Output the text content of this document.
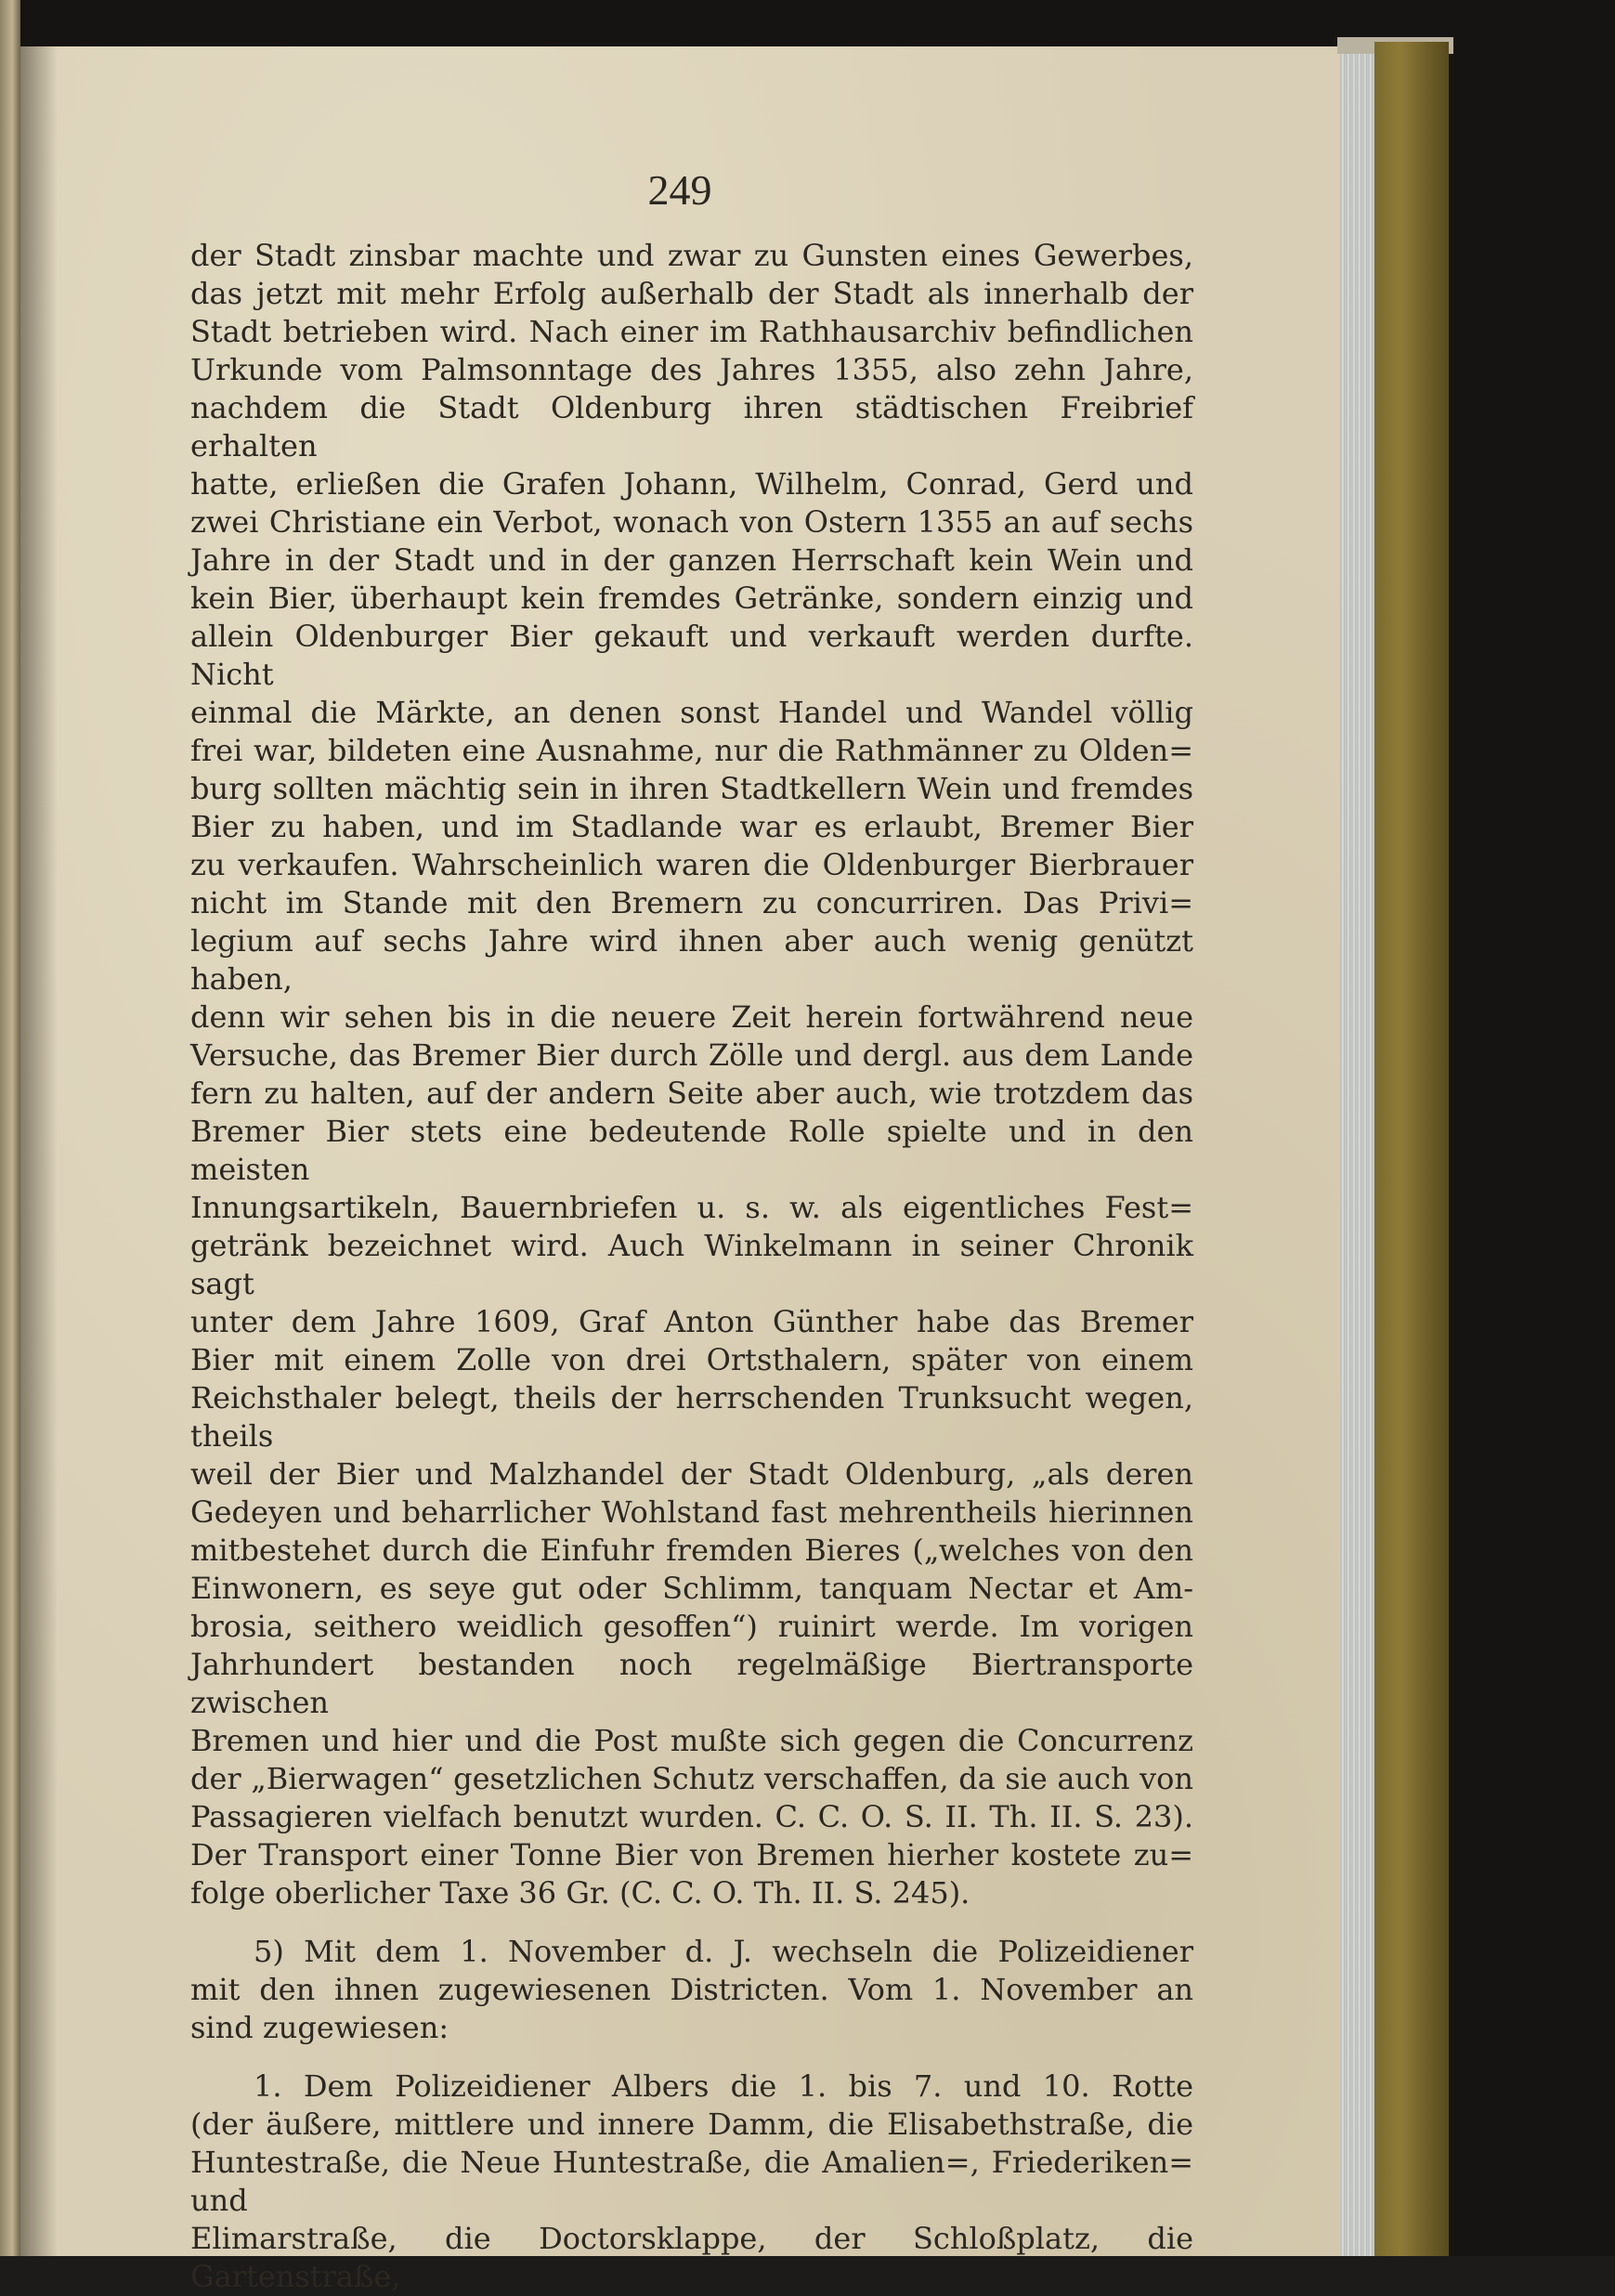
249

der Stadt zinsbar machte und zwar zu Gunsten eines Gewerbes,

das jetzt mit mehr Erfolg außerhalb der Stadt als innerhalb der

Stadt betrieben wird. Nach einer im Rathhausarchiv befindlichen

Urkunde vom Palmsonntage des Jahres 1355, also zehn Jahre,

nachdem die Stadt Oldenburg ihren städtischen Freibrief erhalten

hatte, erließen die Grafen Johann, Wilhelm, Conrad, Gerd und

zwei Christiane ein Verbot, wonach von Ostern 1355 an auf sechs

Jahre in der Stadt und in der ganzen Herrschaft kein Wein und

kein Bier, überhaupt kein fremdes Getränke, sondern einzig und

allein Oldenburger Bier gekauft und verkauft werden durfte. Nicht

einmal die Märkte, an denen sonst Handel und Wandel völlig

frei war, bildeten eine Ausnahme, nur die Rathmänner zu Olden=

burg sollten mächtig sein in ihren Stadtkellern Wein und fremdes

Bier zu haben, und im Stadlande war es erlaubt, Bremer Bier

zu verkaufen. Wahrscheinlich waren die Oldenburger Bierbrauer

nicht im Stande mit den Bremern zu concurriren. Das Privi=

legium auf sechs Jahre wird ihnen aber auch wenig genützt haben,

denn wir sehen bis in die neuere Zeit herein fortwährend neue

Versuche, das Bremer Bier durch Zölle und dergl. aus dem Lande

fern zu halten, auf der andern Seite aber auch, wie trotzdem das

Bremer Bier stets eine bedeutende Rolle spielte und in den meisten

Innungsartikeln, Bauernbriefen u. s. w. als eigentliches Fest=

getränk bezeichnet wird. Auch Winkelmann in seiner Chronik sagt

unter dem Jahre 1609, Graf Anton Günther habe das Bremer

Bier mit einem Zolle von drei Ortsthalern, später von einem

Reichsthaler belegt, theils der herrschenden Trunksucht wegen, theils

weil der Bier und Malzhandel der Stadt Oldenburg, „als deren

Gedeyen und beharrlicher Wohlstand fast mehrentheils hierinnen

mitbestehet durch die Einfuhr fremden Bieres („welches von den

Einwonern, es seye gut oder Schlimm, tanquam Nectar et Am-

brosia, seithero weidlich gesoffen“) ruinirt werde. Im vorigen

Jahrhundert bestanden noch regelmäßige Biertransporte zwischen

Bremen und hier und die Post mußte sich gegen die Concurrenz

der „Bierwagen“ gesetzlichen Schutz verschaffen, da sie auch von

Passagieren vielfach benutzt wurden. C. C. O. S. II. Th. II. S. 23).

Der Transport einer Tonne Bier von Bremen hierher kostete zu=

folge oberlicher Taxe 36 Gr. (C. C. O. Th. II. S. 245).

5) Mit dem 1. November d. J. wechseln die Polizeidiener

mit den ihnen zugewiesenen Districten. Vom 1. November an

sind zugewiesen:

1. Dem Polizeidiener Albers die 1. bis 7. und 10. Rotte

(der äußere, mittlere und innere Damm, die Elisabethstraße, die

Huntestraße, die Neue Huntestraße, die Amalien=, Friederiken= und

Elimarstraße, die Doctorsklappe, der Schloßplatz, die Gartenstraße,
